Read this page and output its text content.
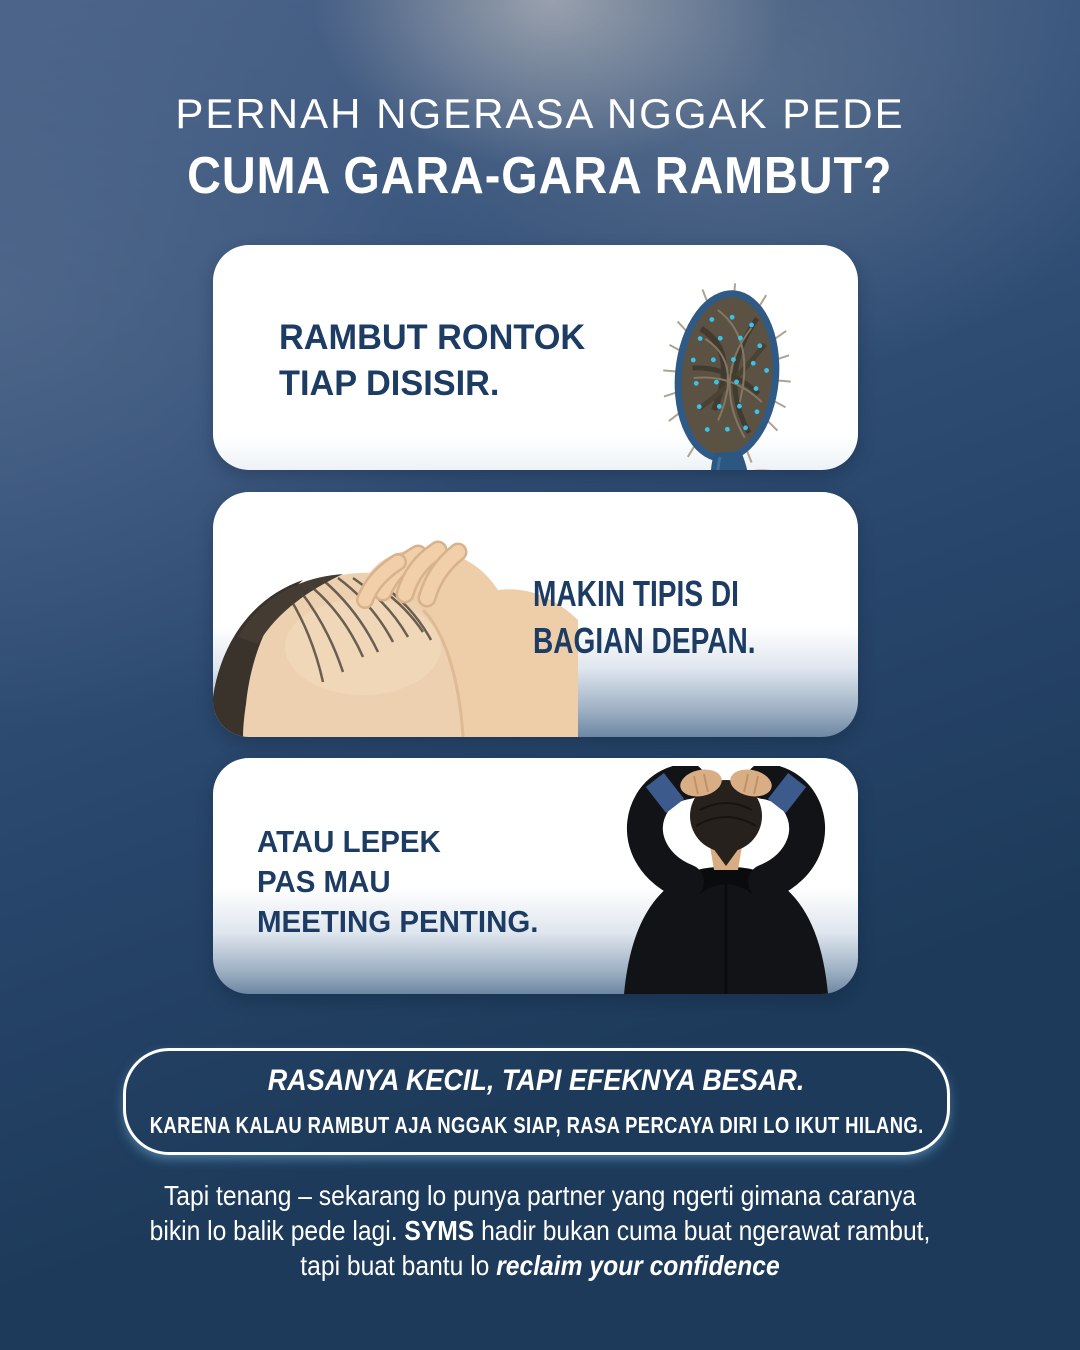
PERNAH NGERASA NGGAK PEDE
CUMA GARA-GARA RAMBUT?
RAMBUT RONTOK
TIAP DISISIR.
MAKIN TIPIS DI
BAGIAN DEPAN.
ATAU LEPEK
PAS MAU
MEETING PENTING.
RASANYA KECIL, TAPI EFEKNYA BESAR.
KARENA KALAU RAMBUT AJA NGGAK SIAP, RASA PERCAYA DIRI LO IKUT HILANG.
Tapi tenang – sekarang lo punya partner yang ngerti gimana caranya
bikin lo balik pede lagi. SYMS hadir bukan cuma buat ngerawat rambut,
tapi buat bantu lo reclaim your confidence
